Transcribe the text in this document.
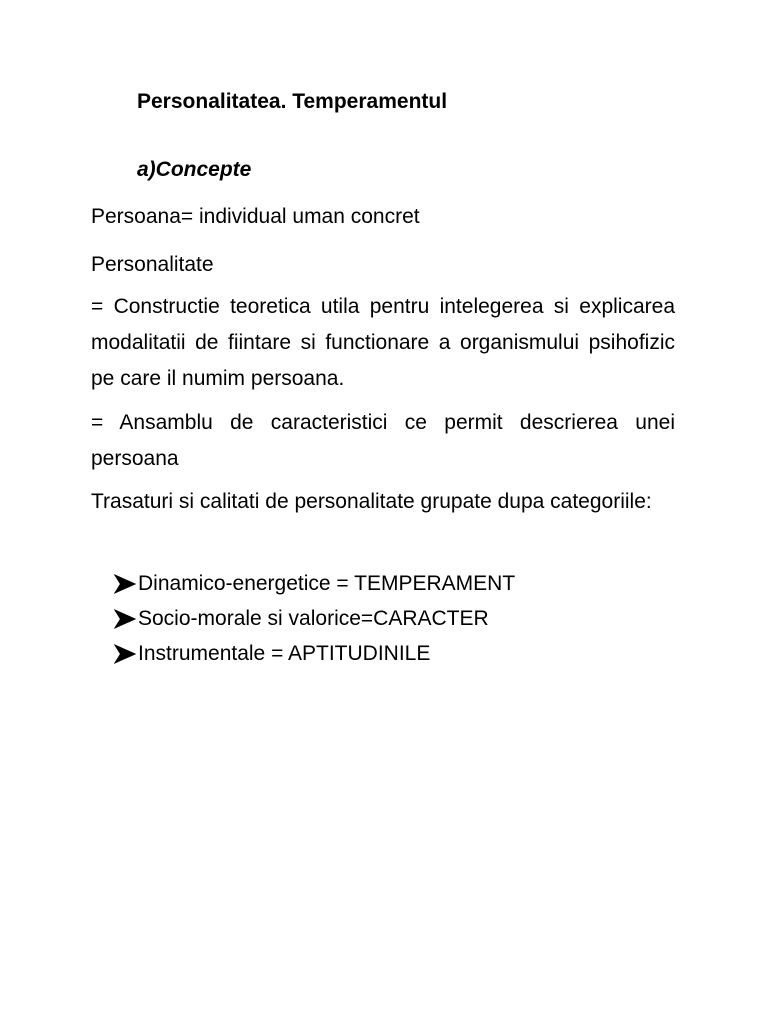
Personalitatea. Temperamentul
a)Concepte

Persoana= individual uman concret

Personalitate

= Constructie teoretica utila pentru intelegerea si explicarea modalitatii de fiintare si functionare a organismului psihofizic pe care il numim persoana.

= Ansamblu de caracteristici ce permit descrierea unei persoana

Trasaturi si calitati de personalitate grupate dupa categoriile:

Dinamico-energetice = TEMPERAMENT
Socio-morale si valorice=CARACTER
Instrumentale = APTITUDINILE
